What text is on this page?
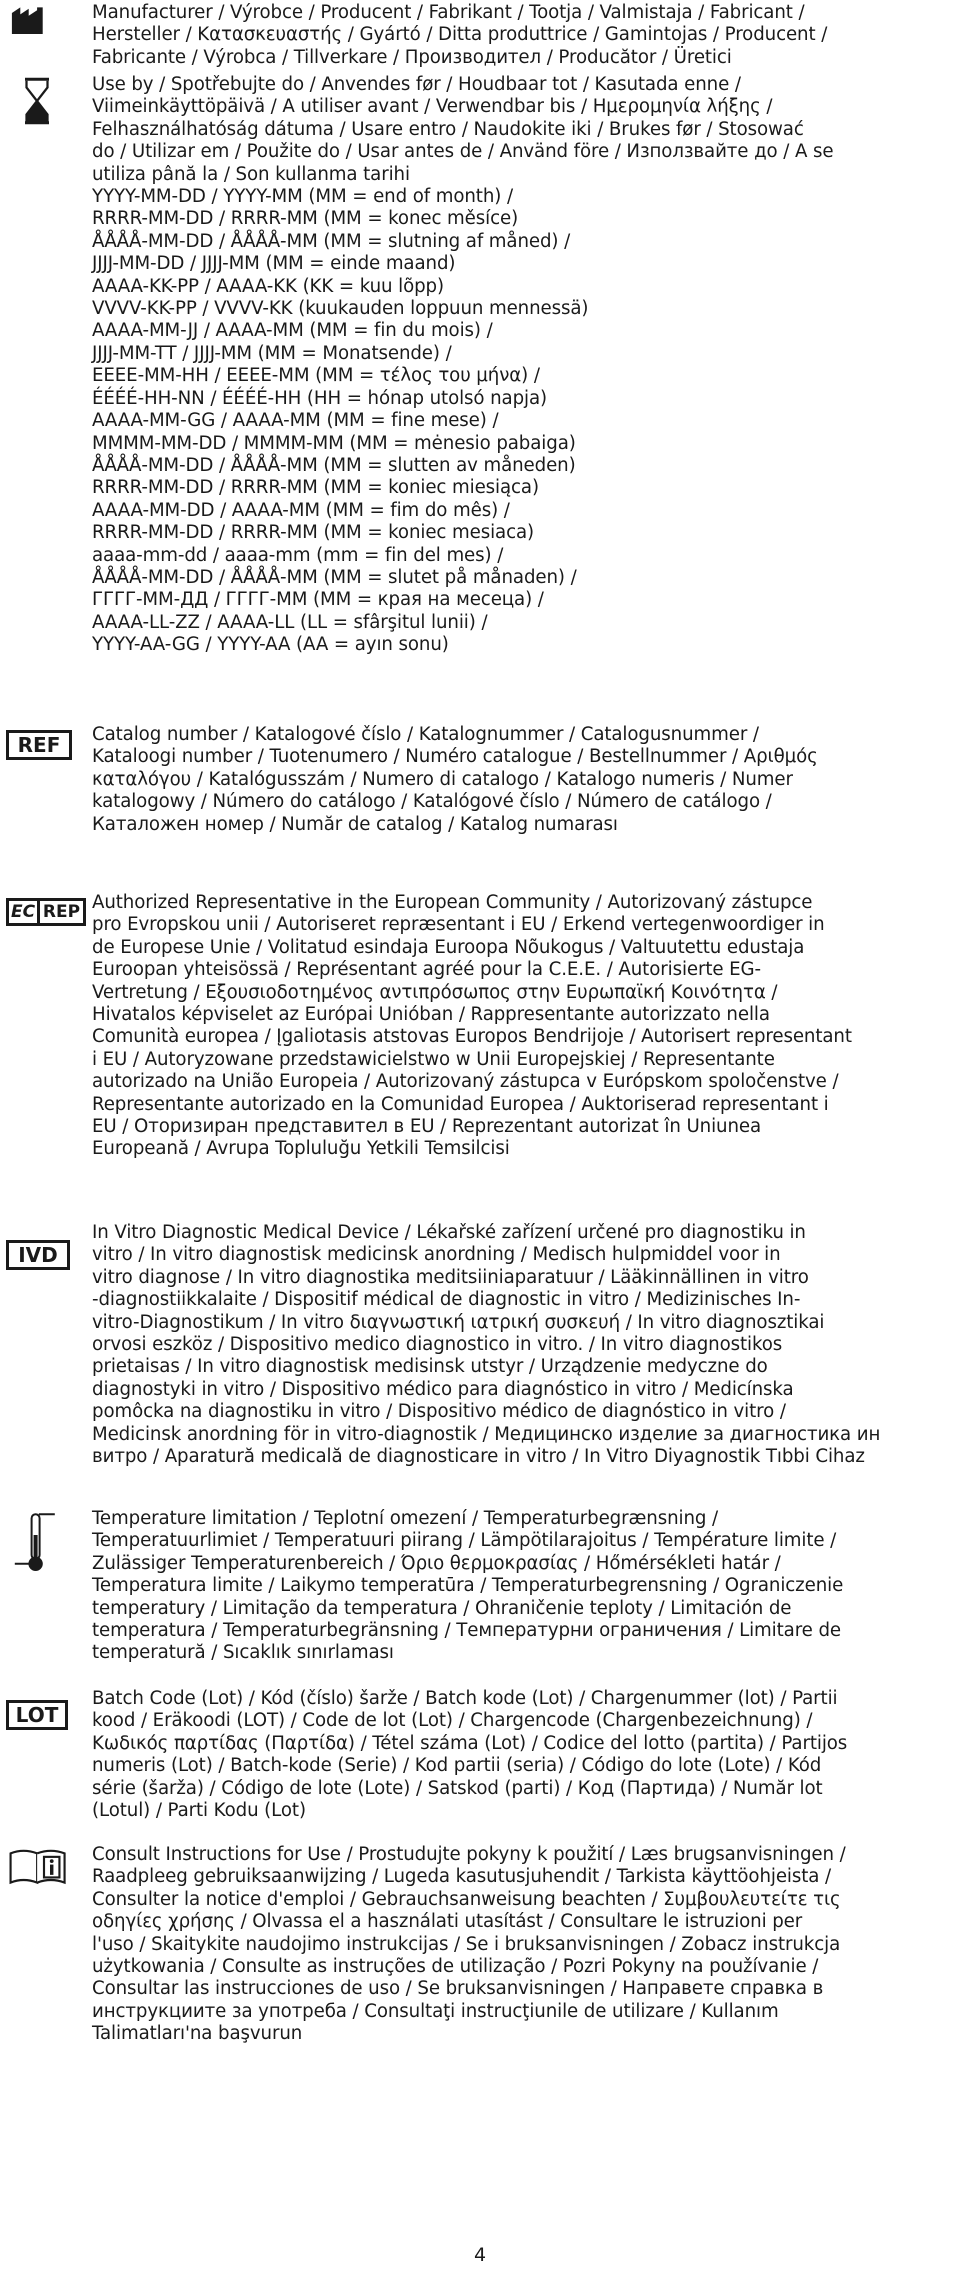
Manufacturer / Výrobce / Producent / Fabrikant / Tootja / Valmistaja / Fabricant /
Hersteller / Κατασκευαστής / Gyártó / Ditta produttrice / Gamintojas / Producent /
Fabricante / Výrobca / Tillverkare / Производител / Producător / Üretici
Use by / Spotřebujte do / Anvendes før / Houdbaar tot / Kasutada enne /
Viimeinkäyttöpäivä / A utiliser avant / Verwendbar bis / Ημερομηνία λήξης /
Felhasználhatóság dátuma / Usare entro / Naudokite iki / Brukes før / Stosować
do / Utilizar em / Použite do / Usar antes de / Använd före / Използвайте до / A se
utiliza până la / Son kullanma tarihi
YYYY-MM-DD / YYYY-MM (MM = end of month) /
RRRR-MM-DD / RRRR-MM (MM = konec měsíce)
ÅÅÅÅ-MM-DD / ÅÅÅÅ-MM (MM = slutning af måned) /
JJJJ-MM-DD / JJJJ-MM (MM = einde maand)
AAAA-KK-PP / AAAA-KK (KK = kuu lõpp)
VVVV-KK-PP / VVVV-KK (kuukauden loppuun mennessä)
AAAA-MM-JJ / AAAA-MM (MM = fin du mois) /
JJJJ-MM-TT / JJJJ-MM (MM = Monatsende) /
ΕΕΕΕ-ΜΜ-ΗΗ / ΕΕΕΕ-ΜΜ (ΜΜ = τέλος του μήνα) /
ÉÉÉÉ-HH-NN / ÉÉÉÉ-HH (HH = hónap utolsó napja)
AAAA-MM-GG / AAAA-MM (MM = fine mese) /
MMMM-MM-DD / MMMM-MM (MM = mėnesio pabaiga)
ÅÅÅÅ-MM-DD / ÅÅÅÅ-MM (MM = slutten av måneden)
RRRR-MM-DD / RRRR-MM (MM = koniec miesiąca)
AAAA-MM-DD / AAAA-MM (MM = fim do mês) /
RRRR-MM-DD / RRRR-MM (MM = koniec mesiaca)
aaaa-mm-dd / aaaa-mm (mm = fin del mes) /
ÅÅÅÅ-MM-DD / ÅÅÅÅ-MM (MM = slutet på månaden) /
ГГГГ-ММ-ДД / ГГГГ-ММ (ММ = края на месеца) /
AAAA-LL-ZZ / AAAA-LL (LL = sfârşitul lunii) /
YYYY-AA-GG / YYYY-AA (AA = ayın sonu)
REF Catalog number / Katalogové číslo / Katalognummer / Catalogusnummer /
Kataloogi number / Tuotenumero / Numéro catalogue / Bestellnummer / Αριθμός
καταλόγου / Katalógusszám / Numero di catalogo / Katalogo numeris / Numer
katalogowy / Número do catálogo / Katalógové číslo / Número de catálogo /
Каталожен номер / Număr de catalog / Katalog numarası
EC REP Authorized Representative in the European Community / Autorizovaný zástupce
pro Evropskou unii / Autoriseret repræsentant i EU / Erkend vertegenwoordiger in
de Europese Unie / Volitatud esindaja Euroopa Nõukogus / Valtuutettu edustaja
Euroopan yhteisössä / Représentant agréé pour la C.E.E. / Autorisierte EG-
Vertretung / Εξουσιοδοτημένος αντιπρόσωπος στην Ευρωπαϊκή Κοινότητα /
Hivatalos képviselet az Európai Unióban / Rappresentante autorizzato nella
Comunità europea / Įgaliotasis atstovas Europos Bendrijoje / Autorisert representant
i EU / Autoryzowane przedstawicielstwo w Unii Europejskiej / Representante
autorizado na União Europeia / Autorizovaný zástupca v Európskom spoločenstve /
Representante autorizado en la Comunidad Europea / Auktoriserad representant i
EU / Оторизиран представител в ЕU / Reprezentant autorizat în Uniunea
Europeană / Avrupa Topluluğu Yetkili Temsilcisi
IVD
In Vitro Diagnostic Medical Device / Lékařské zařízení určené pro diagnostiku in
vitro / In vitro diagnostisk medicinsk anordning / Medisch hulpmiddel voor in
vitro diagnose / In vitro diagnostika meditsiiniaparatuur / Lääkinnällinen in vitro
-diagnostiikkalaite / Dispositif médical de diagnostic in vitro / Medizinisches In-
vitro-Diagnostikum / In vitro διαγνωστική ιατρική συσκευή / In vitro diagnosztikai
orvosi eszköz / Dispositivo medico diagnostico in vitro. / In vitro diagnostikos
prietaisas / In vitro diagnostisk medisinsk utstyr / Urządzenie medyczne do
diagnostyki in vitro / Dispositivo médico para diagnóstico in vitro / Medicínska
pomôcka na diagnostiku in vitro / Dispositivo médico de diagnóstico in vitro /
Medicinsk anordning för in vitro-diagnostik / Медицинско изделие за диагностика ин
витро / Aparatură medicală de diagnosticare in vitro / In Vitro Diyagnostik Tıbbi Cihaz
Temperature limitation / Teplotní omezení / Temperaturbegrænsning /
Temperatuurlimiet / Temperatuuri piirang / Lämpötilarajoitus / Température limite /
Zulässiger Temperaturenbereich / Όριο θερμοκρασίας / Hőmérsékleti határ /
Temperatura limite / Laikymo temperatūra / Temperaturbegrensning / Ograniczenie
temperatury / Limitação da temperatura / Ohraničenie teploty / Limitación de
temperatura / Temperaturbegränsning / Температурни ограничения / Limitare de
temperatură / Sıcaklık sınırlaması
LOT
Batch Code (Lot) / Kód (číslo) šarže / Batch kode (Lot) / Chargenummer (lot) / Partii
kood / Eräkoodi (LOT) / Code de lot (Lot) / Chargencode (Chargenbezeichnung) /
Κωδικός παρτίδας (Παρτίδα) / Tétel száma (Lot) / Codice del lotto (partita) / Partijos
numeris (Lot) / Batch-kode (Serie) / Kod partii (seria) / Código do lote (Lote) / Kód
série (šarža) / Código de lote (Lote) / Satskod (parti) / Код (Партида) / Număr lot
(Lotul) / Parti Kodu (Lot)
Consult Instructions for Use / Prostudujte pokyny k použití / Læs brugsanvisningen /
Raadpleeg gebruiksaanwijzing / Lugeda kasutusjuhendit / Tarkista käyttöohjeista /
Consulter la notice d'emploi / Gebrauchsanweisung beachten / Συμβουλευτείτε τις
οδηγίες χρήσης / Olvassa el a használati utasítást / Consultare le istruzioni per
l'uso / Skaitykite naudojimo instrukcijas / Se i bruksanvisningen / Zobacz instrukcja
użytkowania / Consulte as instruções de utilização / Pozri Pokyny na používanie /
Consultar las instrucciones de uso / Se bruksanvisningen / Направете справка в
инструкциите за употреба / Consultaţi instrucţiunile de utilizare / Kullanım
Talimatları'na başvurun
4
